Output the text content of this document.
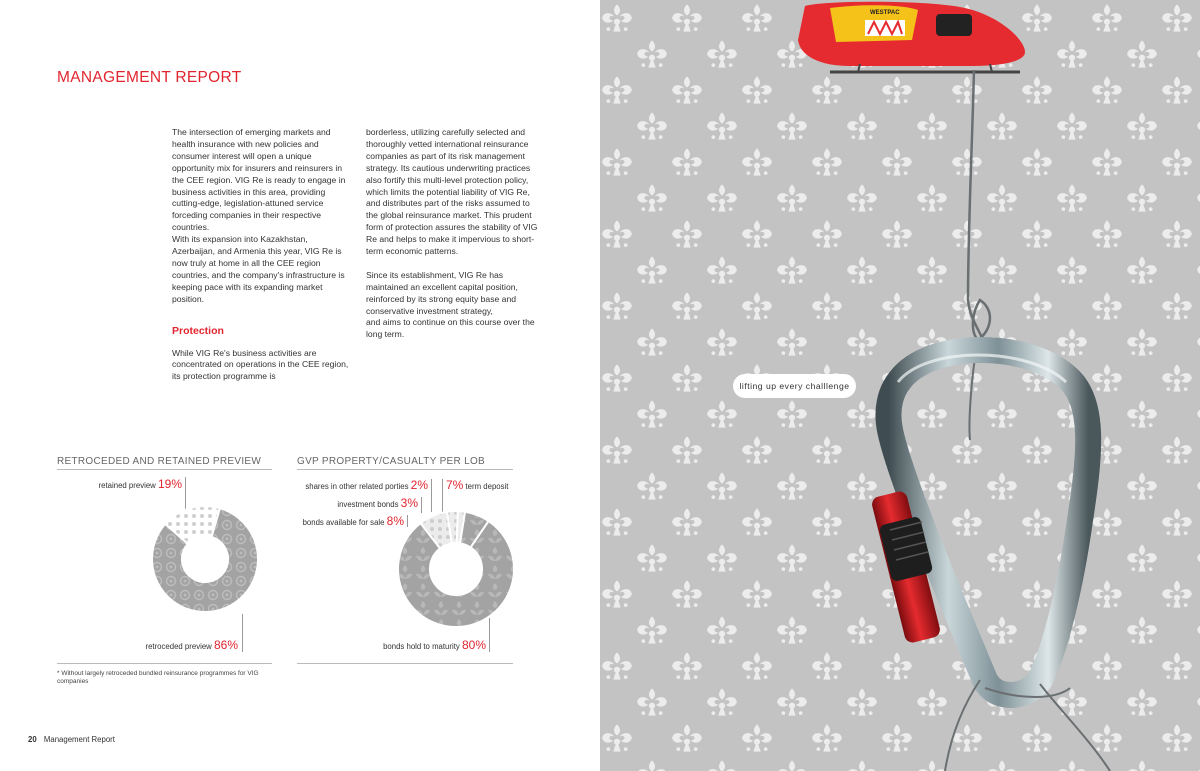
MANAGEMENT REPORT

The intersection of emerging markets and health insurance with new policies and consumer interest will open a unique opportunity mix for insurers and reinsurers in the CEE region. VIG Re is ready to engage in business activities in this area, providing cutting-edge, legislation-attuned service forceding companies in their respective countries.

With its expansion into Kazakhstan, Azerbaijan, and Armenia this year, VIG Re is now truly at home in all the CEE region countries, and the company's infrastructure is keeping pace with its expanding market position.

Protection

While VIG Re's business activities are concentrated on operations in the CEE region, its protection programme is

borderless, utilizing carefully selected and thoroughly vetted international reinsurance companies as part of its risk management strategy. Its cautious underwriting practices also fortify this multi-level protection policy, which limits the potential liability of VIG Re, and distributes part of the risks assumed to the global reinsurance market. This prudent form of protection assures the stability of VIG Re and helps to make it impervious to short-term economic patterns.

Since its establishment, VIG Re has maintained an excellent capital position, reinforced by its strong equity base and conservative investment strategy,

and aims to continue on this course over the long term.

RETROCEDED AND RETAINED PREVIEW
retained preview 19%
retroceded preview 86%
* Without largely retroceded bundled reinsurance programmes for VIG companies
GVP PROPERTY/CASUALTY PER LOB
shares in other related porties 2%
investment bonds 3%
bonds available for sale 8%
7% term deposit
bonds hold to maturity 80%
20 Management Report
WESTPAC
lifting up every challlenge
